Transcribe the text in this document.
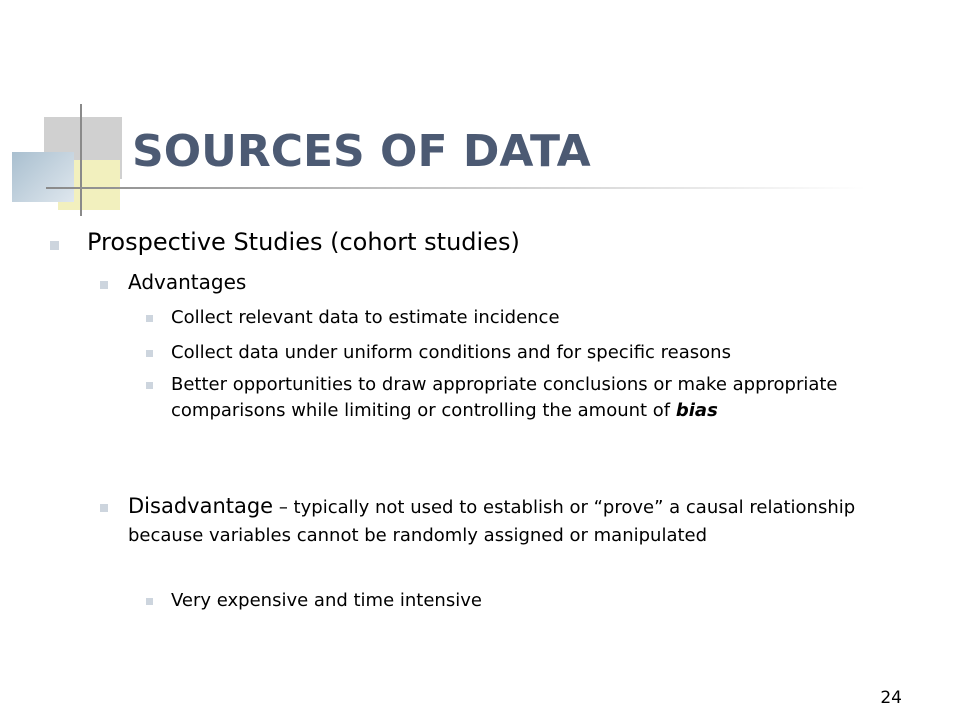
SOURCES OF DATA
Prospective Studies (cohort studies)
Advantages
Collect relevant data to estimate incidence
Collect data under uniform conditions and for specific reasons
Better opportunities to draw appropriate conclusions or make appropriate comparisons while limiting or controlling the amount of bias
Disadvantage – typically not used to establish or “prove” a causal relationship because variables cannot be randomly assigned or manipulated
Very expensive and time intensive
24
